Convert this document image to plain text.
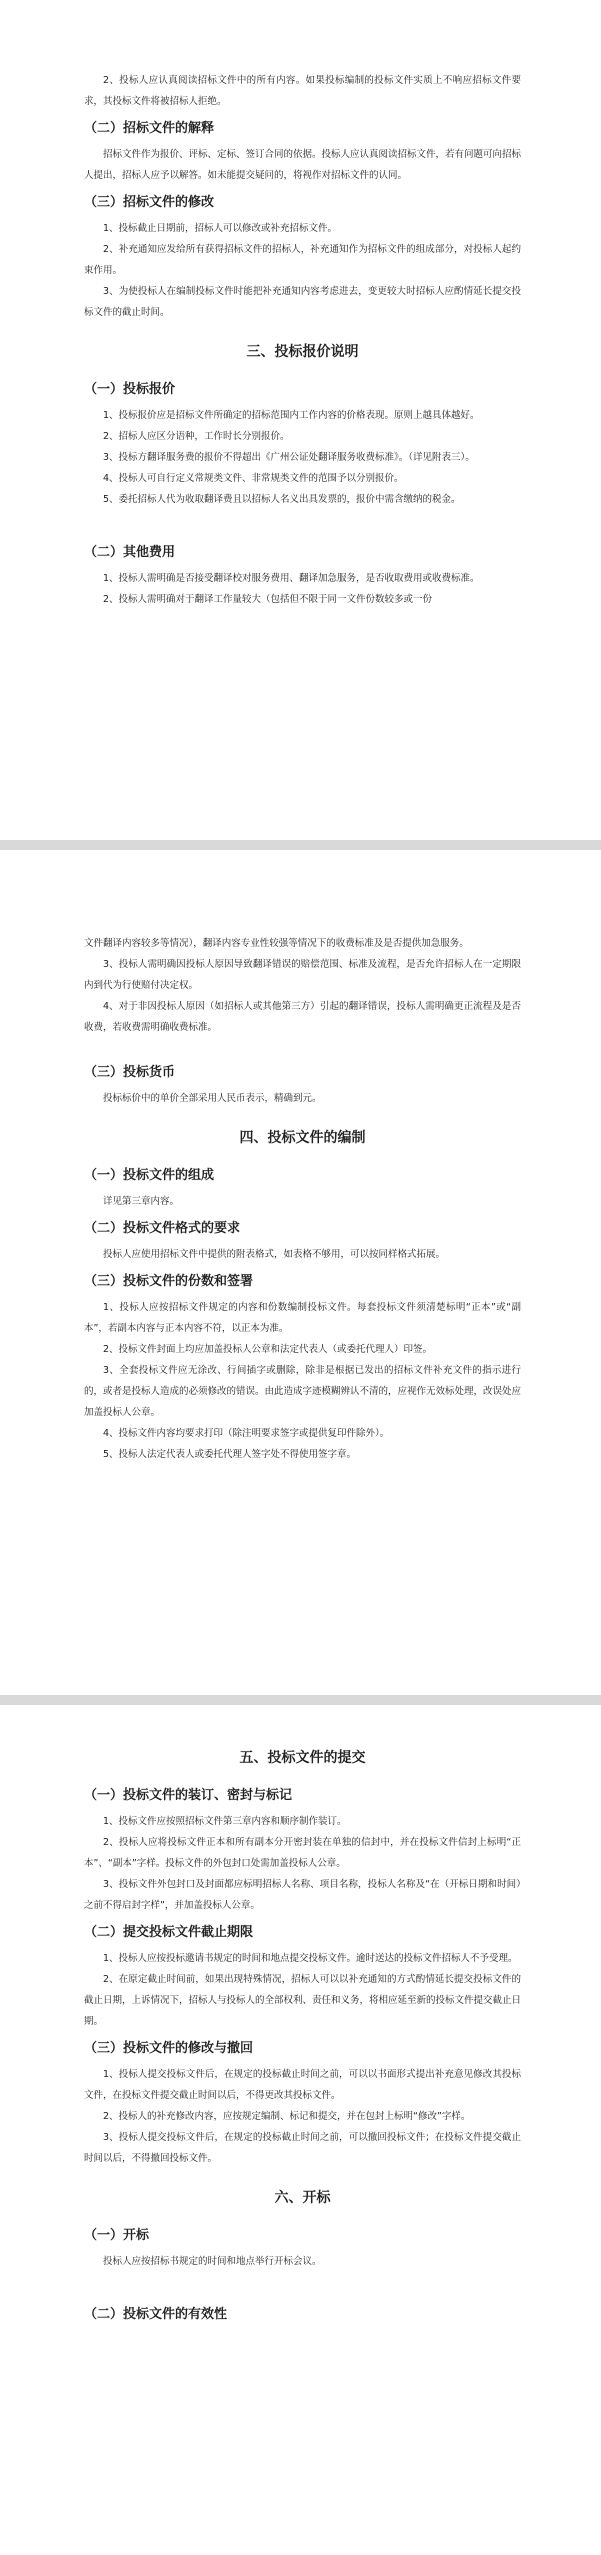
2、投标人应认真阅读招标文件中的所有内容。如果投标编制的投标文件实质上不响应招标文件要求，其投标文件将被招标人拒绝。

（二）招标文件的解释

招标文件作为报价、评标、定标、签订合同的依据。投标人应认真阅读招标文件，若有问题可向招标人提出，招标人应予以解答。如未能提交疑问的，将视作对招标文件的认同。

（三）招标文件的修改

1、投标截止日期前，招标人可以修改或补充招标文件。

2、补充通知应发给所有获得招标文件的招标人，补充通知作为招标文件的组成部分，对投标人起约束作用。

3、为使投标人在编制投标文件时能把补充通知内容考虑进去，变更较大时招标人应酌情延长提交投标文件的截止时间。

三、投标报价说明
（一）投标报价

1、投标报价应是招标文件所确定的招标范围内工作内容的价格表现。原则上越具体越好。

2、招标人应区分语种，工作时长分别报价。

3、投标方翻译服务费的报价不得超出《广州公证处翻译服务收费标准》。（详见附表三）。

4、投标人可自行定义常规类文件、非常规类文件的范围予以分别报价。

5、委托招标人代为收取翻译费且以招标人名义出具发票的，报价中需含缴纳的税金。

（二）其他费用

1、投标人需明确是否接受翻译校对服务费用、翻译加急服务，是否收取费用或收费标准。

2、投标人需明确对于翻译工作量较大（包括但不限于同一文件份数较多或一份

文件翻译内容较多等情况），翻译内容专业性较强等情况下的收费标准及是否提供加急服务。

3、投标人需明确因投标人原因导致翻译错误的赔偿范围、标准及流程，是否允许招标人在一定期限内到代为行使赔付决定权。

4、对于非因投标人原因（如招标人或其他第三方）引起的翻译错误，投标人需明确更正流程及是否收费，若收费需明确收费标准。

（三）投标货币

投标标价中的单价全部采用人民币表示，精确到元。

四、投标文件的编制
（一）投标文件的组成

详见第三章内容。

（二）投标文件格式的要求

投标人应使用招标文件中提供的附表格式，如表格不够用，可以按同样格式拓展。

（三）投标文件的份数和签署

1、投标人应按招标文件规定的内容和份数编制投标文件。每套投标文件须清楚标明“正本”或“副本”，若副本内容与正本内容不符，以正本为准。

2、投标文件封面上均应加盖投标人公章和法定代表人（或委托代理人）印签。

3、全套投标文件应无涂改、行间插字或删除，除非是根据已发出的招标文件补充文件的指示进行的，或者是投标人造成的必须修改的错误。由此造成字迹模糊辨认不清的，应视作无效标处理，改误处应加盖投标人公章。

4、投标文件内容均要求打印（除注明要求签字或提供复印件除外）。

5、投标人法定代表人或委托代理人签字处不得使用签字章。

五、投标文件的提交
（一）投标文件的装订、密封与标记

1、投标文件应按照招标文件第三章内容和顺序制作装订。

2、投标人应将投标文件正本和所有副本分开密封装在单独的信封中，并在投标文件信封上标明“正本”、“副本”字样。投标文件的外包封口处需加盖投标人公章。

3、投标文件外包封口及封面都应标明招标人名称、项目名称，投标人名称及“在（开标日期和时间）之前不得启封字样”，并加盖投标人公章。

（二）提交投标文件截止期限

1、投标人应按投标邀请书规定的时间和地点提交投标文件。逾时送达的投标文件招标人不予受理。

2、在原定截止时间前，如果出现特殊情况，招标人可以以补充通知的方式酌情延长提交投标文件的截止日期，上诉情况下，招标人与投标人的全部权利、责任和义务，将相应延至新的投标文件提交截止日期。

（三）投标文件的修改与撤回

1、投标人提交投标文件后，在规定的投标截止时间之前，可以以书面形式提出补充意见修改其投标文件，在投标文件提交截止时间以后，不得更改其投标文件。

2、投标人的补充修改内容，应按规定编制、标记和提交，并在包封上标明“修改”字样。

3、投标人提交投标文件后，在规定的投标截止时间之前，可以撤回投标文件；在投标文件提交截止时间以后，不得撤回投标文件。

六、开标
（一）开标

投标人应按招标书规定的时间和地点举行开标会议。

（二）投标文件的有效性
